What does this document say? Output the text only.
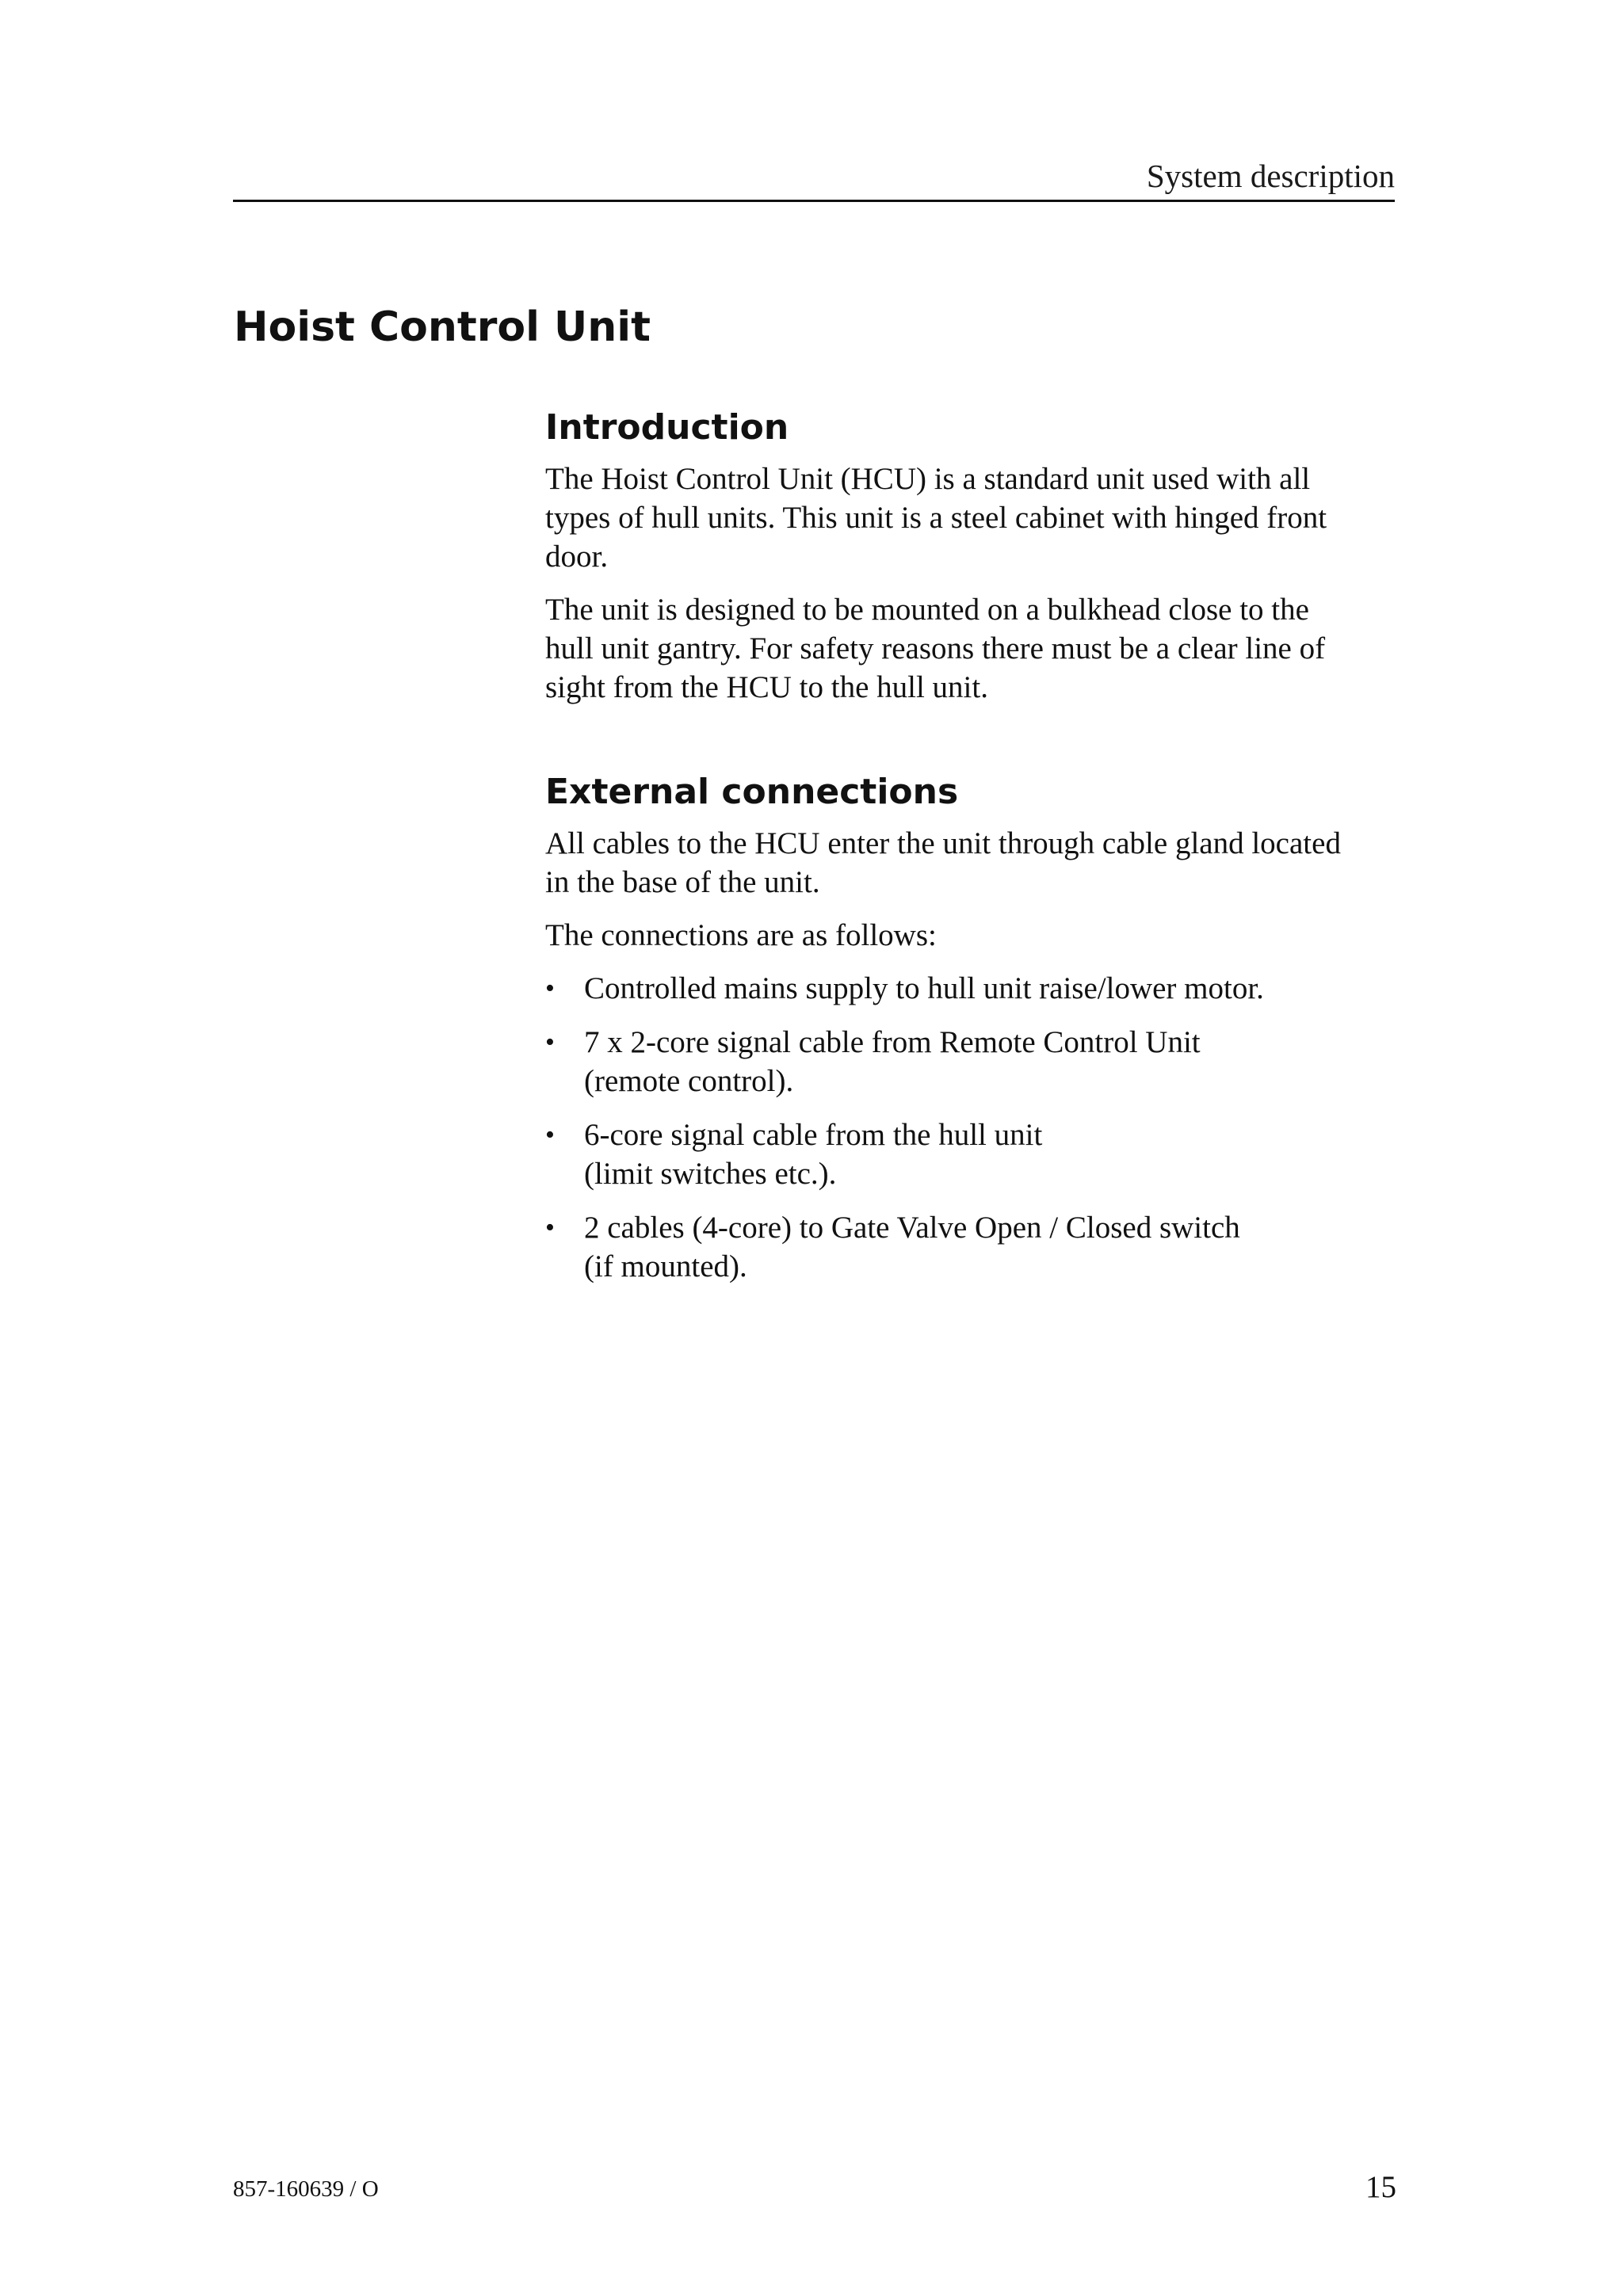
System description
Hoist Control Unit
Introduction

The Hoist Control Unit (HCU) is a standard unit used with all
types of hull units. This unit is a steel cabinet with hinged front
door.

The unit is designed to be mounted on a bulkhead close to the
hull unit gantry. For safety reasons there must be a clear line of
sight from the HCU to the hull unit.

External connections

All cables to the HCU enter the unit through cable gland located
in the base of the unit.

The connections are as follows:

• Controlled mains supply to hull unit raise/lower motor.
• 7 x 2-core signal cable from Remote Control Unit
(remote control).
• 6-core signal cable from the hull unit
(limit switches etc.).
• 2 cables (4-core) to Gate Valve Open / Closed switch
(if mounted).
857-160639 / O	15
